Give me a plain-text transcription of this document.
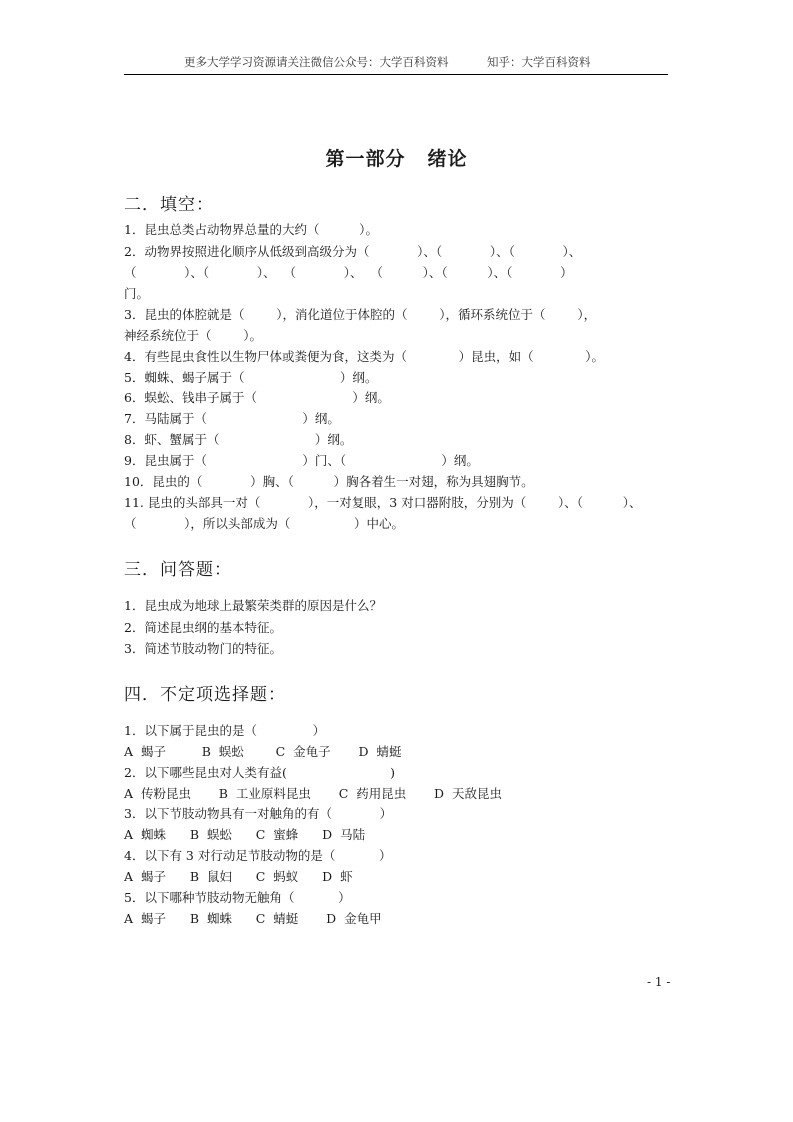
更多大学学习资源请关注微信公众号：大学百科资料	知乎：大学百科资料
第一部分 绪论
二．填空：
1．昆虫总类占动物界总量的大约（          ）。
2．动物界按照进化顺序从低级到高级分为（            ）、（            ）、（            ）、
（            ）、（            ）、  （            ）、  （          ）、（          ）、（            ）
门。
3．昆虫的体腔就是（        ），消化道位于体腔的（        ），循环系统位于（        ），
神经系统位于（        ）。
4．有些昆虫食性以生物尸体或粪便为食，这类为（             ）昆虫，如（             ）。
5．蜘蛛、蝎子属于（                        ）纲。
6．蜈蚣、钱串子属于（                        ）纲。
7．马陆属于（                        ）纲。
8．虾、蟹属于（                        ）纲。
9．昆虫属于（                        ）门、（                        ）纲。
10．昆虫的（            ）胸、（          ）胸各着生一对翅，称为具翅胸节。
11. 昆虫的头部具一对（            ），一对复眼，3 对口器附肢，分别为（        ）、（          ）、
（            ），所以头部成为（                ）中心。
三．问答题：
1．昆虫成为地球上最繁荣类群的原因是什么？
2．简述昆虫纲的基本特征。
3．简述节肢动物门的特征。
四．不定项选择题：
1．以下属于昆虫的是（              ）
A  蝎子         B  蜈蚣        C  金龟子       D  蜻蜓
2．以下哪些昆虫对人类有益(                          )
A  传粉昆虫       B  工业原料昆虫       C  药用昆虫       D  天敌昆虫
3．以下节肢动物具有一对触角的有（            ）
A  蜘蛛      B  蜈蚣      C  蜜蜂      D  马陆
4．以下有 3 对行动足节肢动物的是（           ）
A  蝎子      B  鼠妇      C  蚂蚁      D  虾
5．以下哪种节肢动物无触角（           ）
A  蝎子      B  蜘蛛      C  蜻蜓       D  金龟甲
- 1 -
